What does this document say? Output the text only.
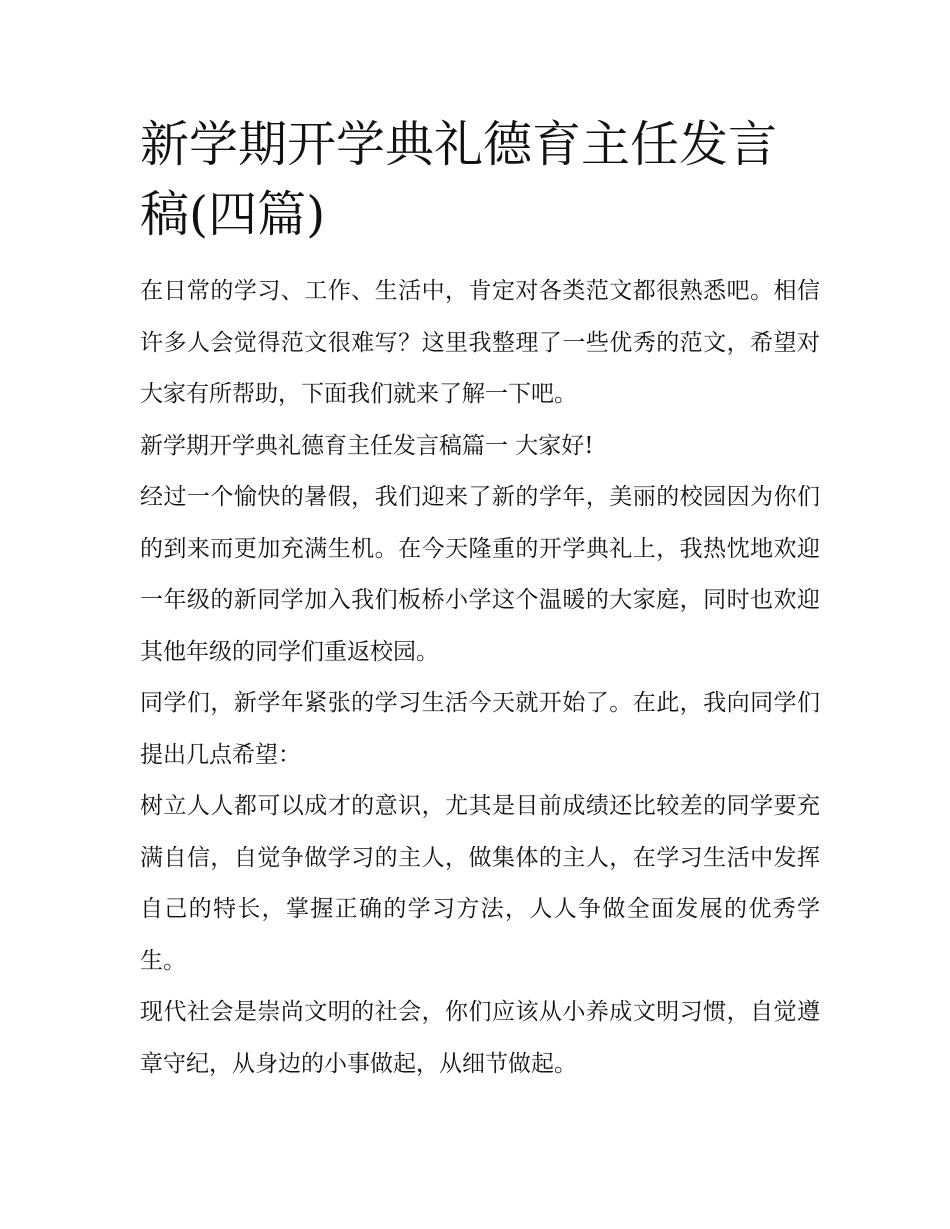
新学期开学典礼德育主任发言稿(四篇)

在日常的学习、工作、生活中，肯定对各类范文都很熟悉吧。相信许多人会觉得范文很难写？这里我整理了一些优秀的范文，希望对大家有所帮助，下面我们就来了解一下吧。

新学期开学典礼德育主任发言稿篇一 大家好!

经过一个愉快的暑假，我们迎来了新的学年，美丽的校园因为你们的到来而更加充满生机。在今天隆重的开学典礼上，我热忱地欢迎一年级的新同学加入我们板桥小学这个温暖的大家庭，同时也欢迎其他年级的同学们重返校园。

同学们，新学年紧张的学习生活今天就开始了。在此，我向同学们提出几点希望：

树立人人都可以成才的意识，尤其是目前成绩还比较差的同学要充满自信，自觉争做学习的主人，做集体的主人，在学习生活中发挥自己的特长，掌握正确的学习方法，人人争做全面发展的优秀学生。

现代社会是崇尚文明的社会，你们应该从小养成文明习惯，自觉遵章守纪，从身边的小事做起，从细节做起。
